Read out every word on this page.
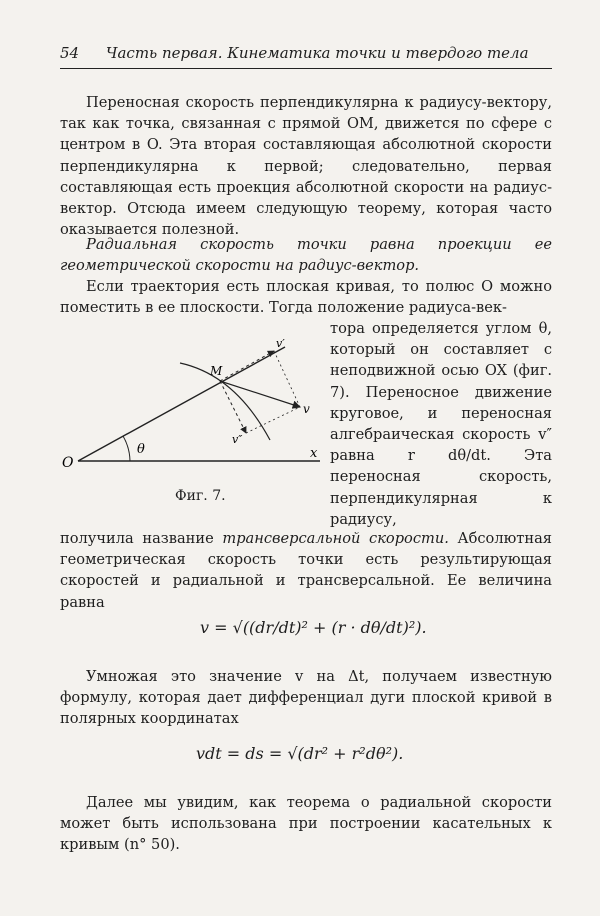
54 Часть первая. Кинематика точки и твердого тела
Переносная скорость перпендикулярна к радиусу-вектору, так как точка, связанная с прямой OM, движется по сфере с центром в O. Эта вторая составляющая абсолютной скорости перпендикулярна к первой; следовательно, первая составляющая есть проекция абсолютной скорости на радиус-вектор. Отсюда имеем следующую теорему, которая часто оказывается полезной.
Радиальная скорость точки равна проекции ее геометрической скорости на радиус-вектор.
Если траектория есть плоская кривая, то полюс O можно поместить в ее плоскости. Тогда положение радиуса-век-
тора определяется углом θ, который он составляет с неподвижной осью OX (фиг. 7). Переносное движение круговое, и переносная алгебраическая скорость v″ равна r dθ/dt. Эта переносная скорость, перпендикулярная к радиусу,
O
x
M
θ
v
v′
v″
Фиг. 7.
получила название трансверсальной скорости. Абсолютная геометрическая скорость точки есть результирующая скоростей и радиальной и трансверсальной. Ее величина равна
v = √((dr/dt)² + (r · dθ/dt)²).
Умножая это значение v на Δt, получаем известную формулу, которая дает дифференциал дуги плоской кривой в полярных координатах
vdt = ds = √(dr² + r²dθ²).
Далее мы увидим, как теорема о радиальной скорости может быть использована при построении касательных к кривым (n° 50).
